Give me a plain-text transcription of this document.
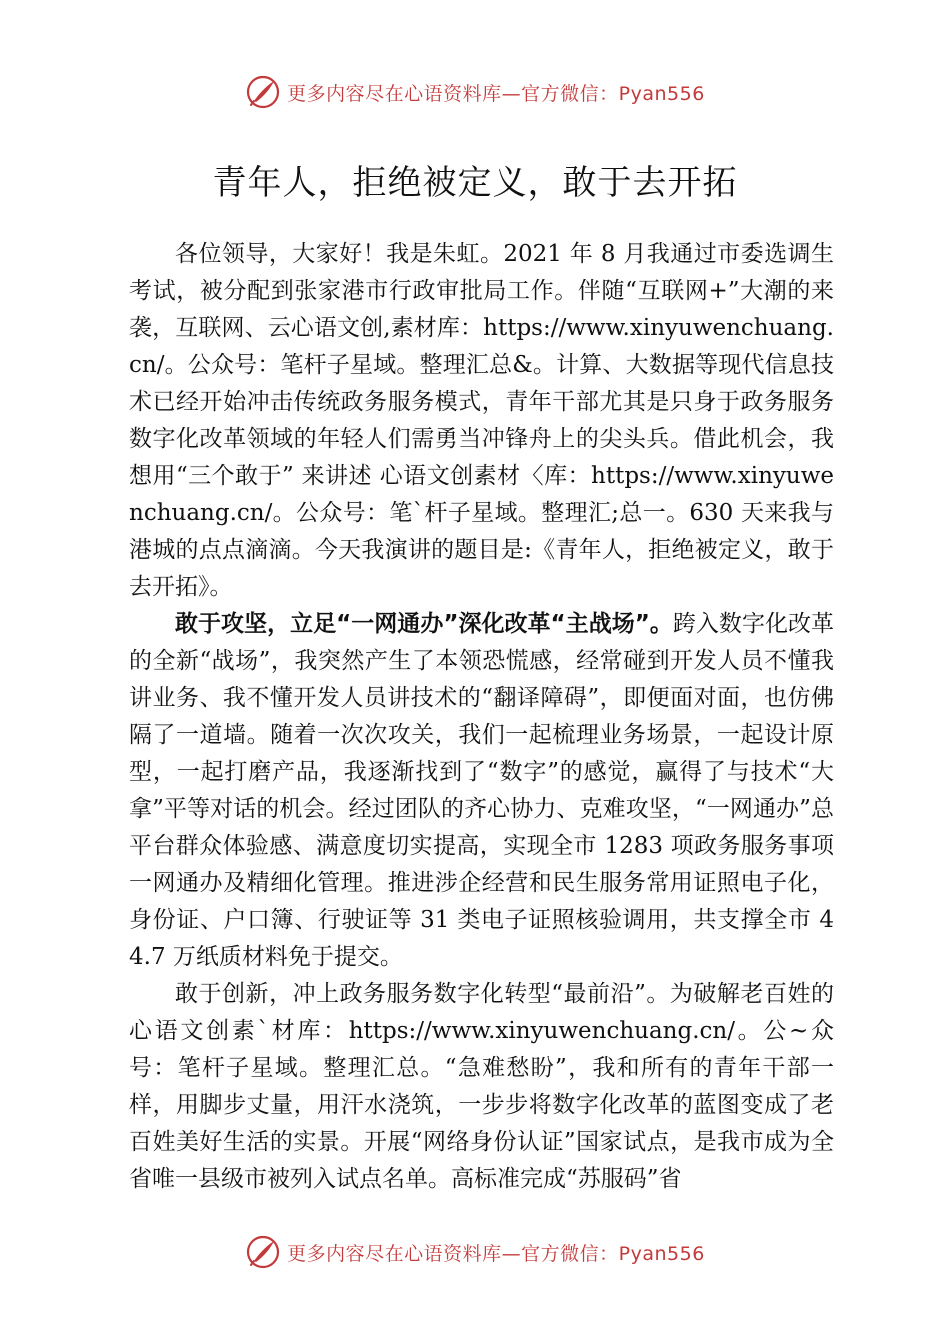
更多内容尽在心语资料库—官方微信：Pyan556
青年人，拒绝被定义，敢于去开拓

各位领导，大家好！我是朱虹。2021 年 8 月我通过市委选调生考试，被分配到张家港市行政审批局工作。伴随“互联网+”大潮的来袭，互联网、云心语文创,素材库：https://www.xinyuwenchuang.cn/。公众号：笔杆子星域。整理汇总&。计算、大数据等现代信息技术已经开始冲击传统政务服务模式，青年干部尤其是只身于政务服务数字化改革领域的年轻人们需勇当冲锋舟上的尖头兵。借此机会，我想用“三个敢于” 来讲述 心语文创素材〈库：https://www.xinyuwenchuang.cn/。公众号：笔`杆子星域。整理汇;总一。630 天来我与港城的点点滴滴。今天我演讲的题目是:《青年人，拒绝被定义，敢于去开拓》。

敢于攻坚，立足“一网通办”深化改革“主战场”。跨入数字化改革的全新“战场”，我突然产生了本领恐慌感，经常碰到开发人员不懂我讲业务、我不懂开发人员讲技术的“翻译障碍”，即便面对面，也仿佛隔了一道墙。随着一次次攻关，我们一起梳理业务场景，一起设计原型，一起打磨产品，我逐渐找到了“数字”的感觉，赢得了与技术“大拿”平等对话的机会。经过团队的齐心协力、克难攻坚，“一网通办”总平台群众体验感、满意度切实提高，实现全市 1283 项政务服务事项一网通办及精细化管理。推进涉企经营和民生服务常用证照电子化，身份证、户口簿、行驶证等 31 类电子证照核验调用，共支撑全市 44.7 万纸质材料免于提交。

敢于创新，冲上政务服务数字化转型“最前沿”。为破解老百姓的心语文创素`材库：https://www.xinyuwenchuang.cn/。公~众号：笔杆子星域。整理汇总。“急难愁盼”，我和所有的青年干部一样，用脚步丈量，用汗水浇筑，一步步将数字化改革的蓝图变成了老百姓美好生活的实景。开展“网络身份认证”国家试点，是我市成为全省唯一县级市被列入试点名单。高标准完成“苏服码”省

更多内容尽在心语资料库—官方微信：Pyan556
